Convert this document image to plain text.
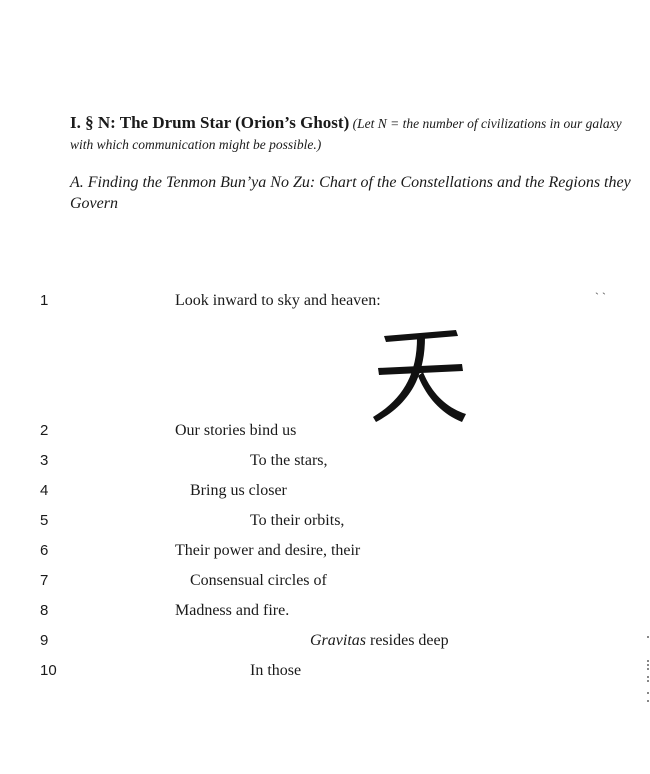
I. § N: The Drum Star (Orion’s Ghost) (Let N = the number of civilizations in our galaxy with which communication might be possible.)
A. Finding the Tenmon Bun’ya No Zu: Chart of the Constellations and the Regions they Govern
` `
1	Look inward to sky and heaven:
2	Our stories bind us
3	To the stars,
4	Bring us closer
5	To their orbits,
6	Their power and desire, their
7	Consensual circles of
8	Madness and fire.
9	Gravitas resides deep
10	In those
